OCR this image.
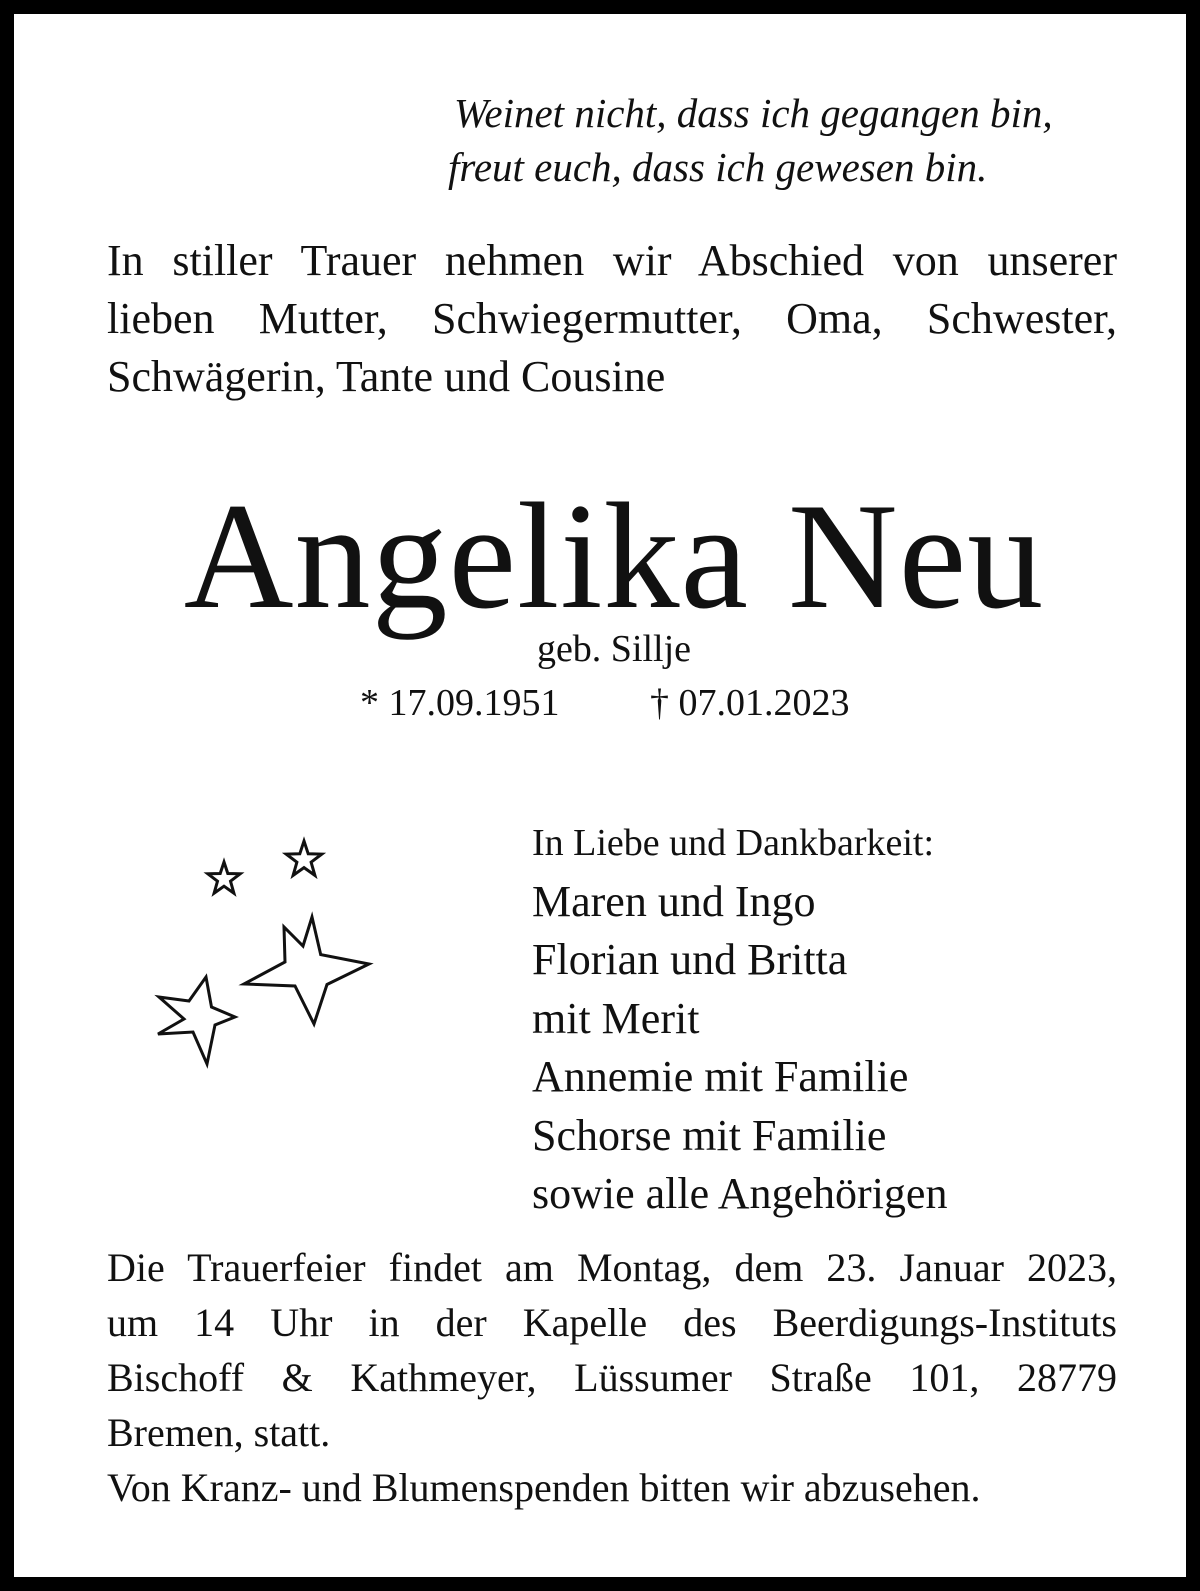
Weinet nicht, dass ich gegangen bin,
freut euch, dass ich gewesen bin.
In stiller Trauer nehmen wir Abschied von unserer
lieben Mutter, Schwiegermutter, Oma, Schwester,
Schwägerin, Tante und Cousine
Angelika Neu
geb. Sillje
* 17.09.1951 † 07.01.2023
In Liebe und Dankbarkeit:
Maren und Ingo
Florian und Britta
mit Merit
Annemie mit Familie
Schorse mit Familie
sowie alle Angehörigen
Die Trauerfeier findet am Montag, dem 23. Januar 2023,
um 14 Uhr in der Kapelle des Beerdigungs-Instituts
Bischoff & Kathmeyer, Lüssumer Straße 101, 28779
Bremen, statt.
Von Kranz- und Blumenspenden bitten wir abzusehen.
